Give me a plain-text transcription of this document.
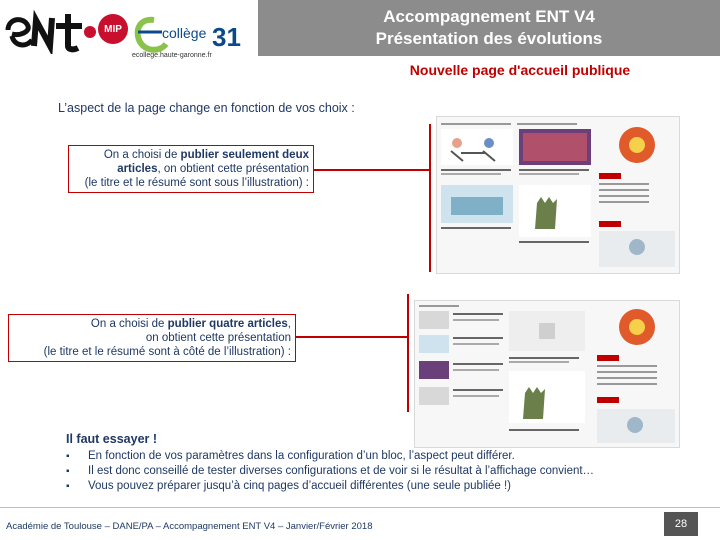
MIP	collège 31
ecollege.haute-garonne.fr
Accompagnement ENT V4
Présentation des évolutions
Nouvelle page d'accueil publique
L’aspect de la page change en fonction de vos choix :
On a choisi de publier seulement deux articles, on obtient cette présentation
(le titre et le résumé sont sous l’illustration) :
On a choisi de publier quatre articles,
on obtient cette présentation
(le titre et le résumé sont à côté de l’illustration) :
Il faut essayer !
▪ En fonction de vos paramètres dans la configuration d’un bloc, l’aspect peut différer.
▪ Il est donc conseillé de tester diverses configurations et de voir si le résultat à l’affichage convient…
▪ Vous pouvez préparer jusqu’à cinq pages d’accueil différentes (une seule publiée !)
Académie de Toulouse – DANE/PA – Accompagnement ENT V4 – Janvier/Février 2018	28
